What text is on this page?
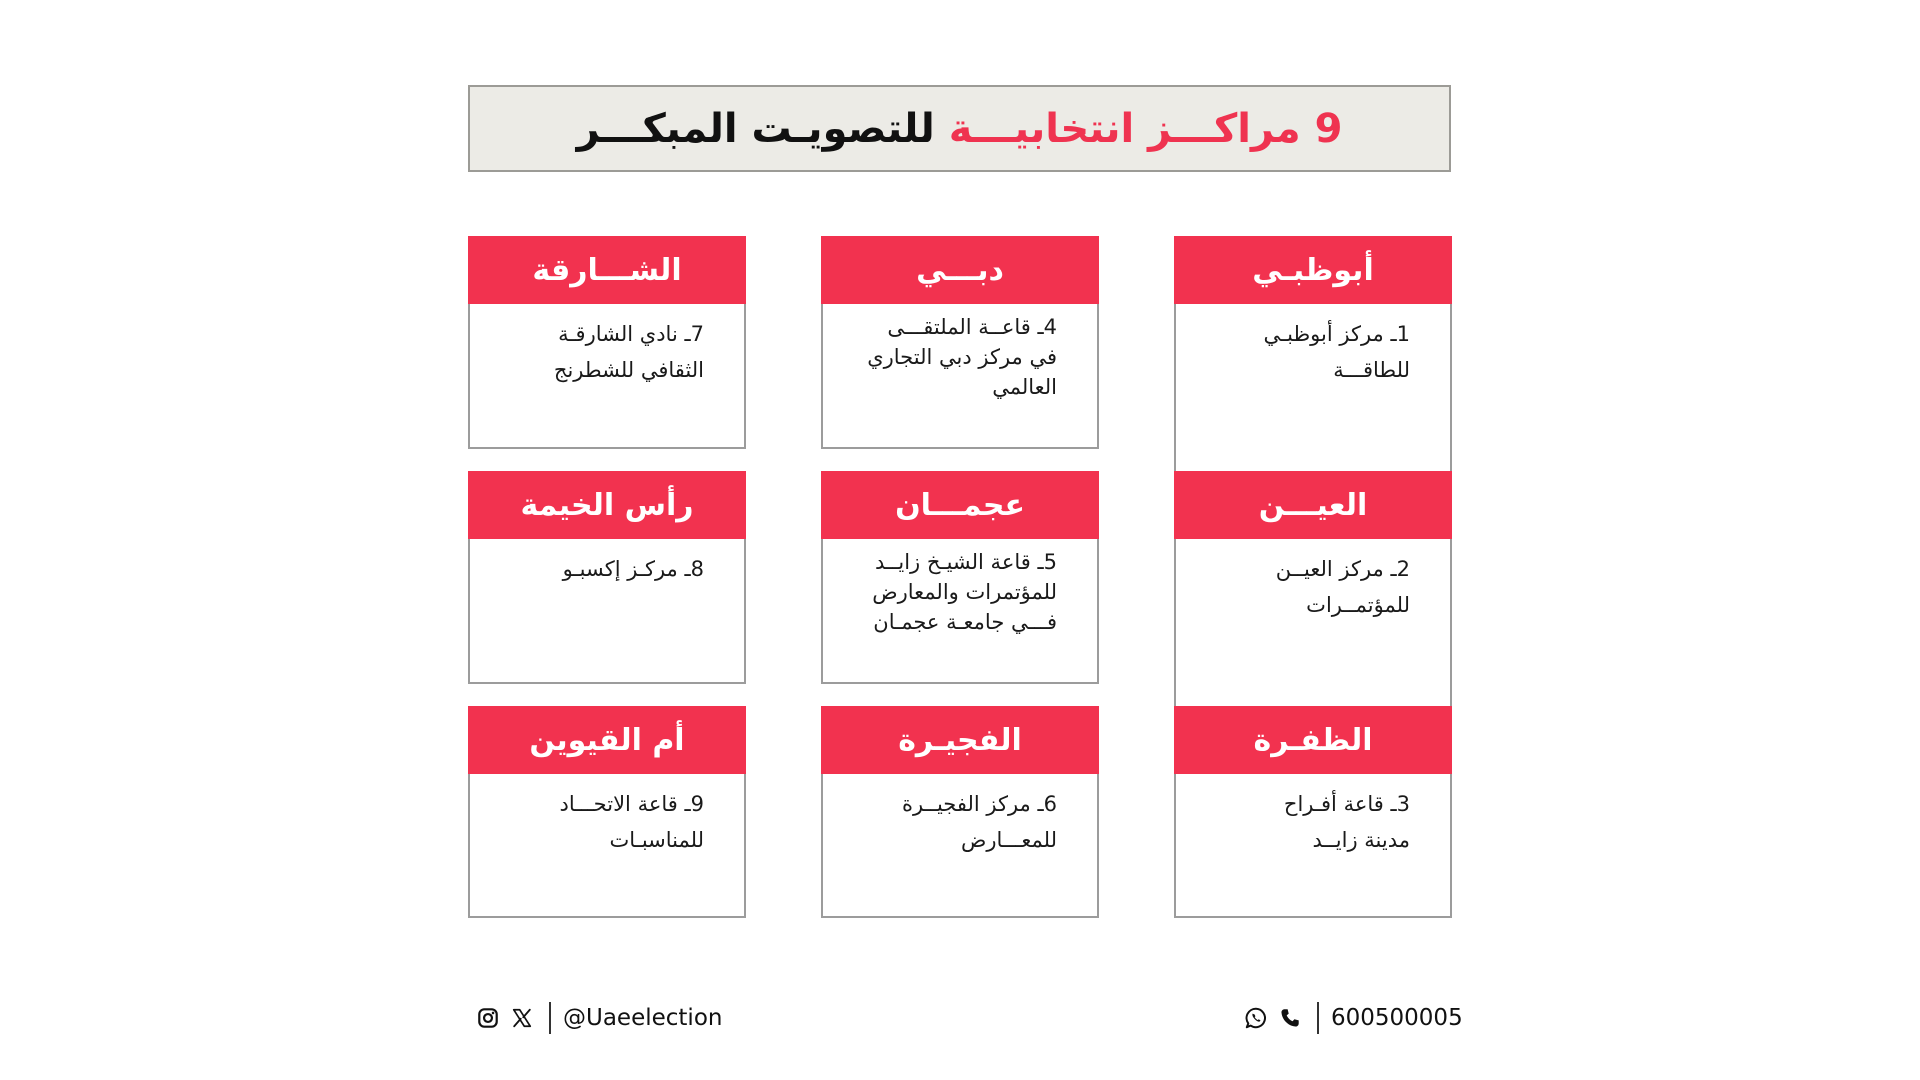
9 مراكـــز انتخابيـــة للتصويـت المبكـــر
أبوظبـي
1ـ مركز أبوظبـي
للطاقـــة
العيـــن
2ـ مركز العيــن
للمؤتمــرات
الظفـرة
3ـ قاعة أفـراح
مدينة زايــد
دبـــي
4ـ قاعــة الملتقـــى
في مركز دبي التجاري
العالمي
عجمـــان
5ـ قاعة الشيـخ زايــد
للمؤتمرات والمعارض
فـــي جامعـة عجمـان
الفجيـرة
6ـ مركز الفجيــرة
للمعـــارض
الشـــارقة
7ـ نادي الشارقـة
الثقافي للشطرنج
رأس الخيمة
8ـ مركـز إكسبـو
أم القيوين
9ـ قاعة الاتحـــاد
للمناسبـات
@Uaeelection	600500005
